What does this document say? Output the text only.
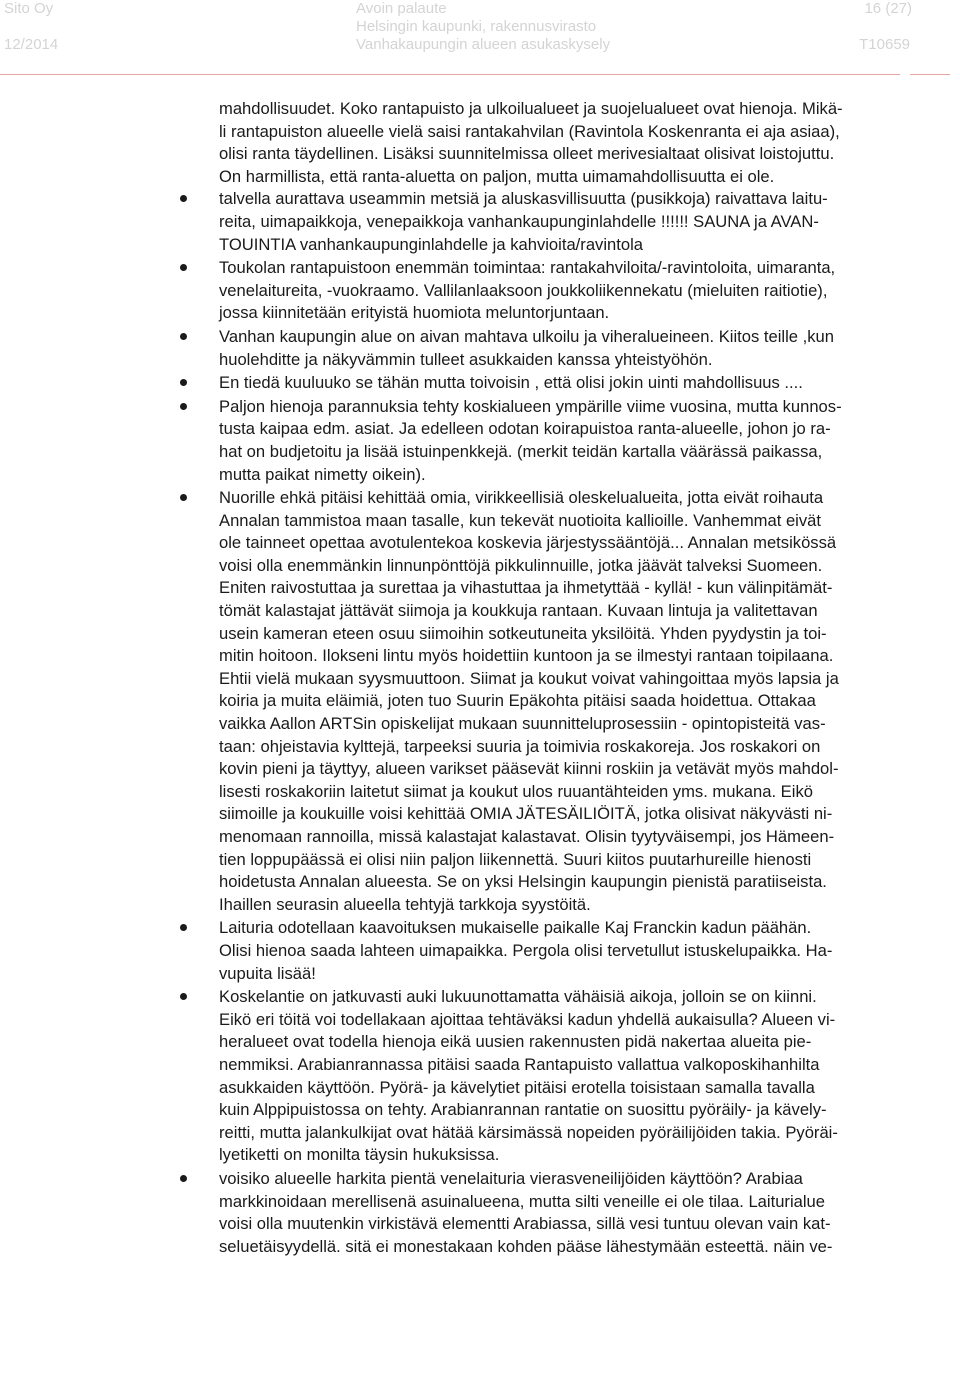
Sito Oy
12/2014
Avoin palaute
Helsingin kaupunki, rakennusvirasto
Vanhakaupungin alueen asukaskysely
16 (27)
T10659
mahdollisuudet. Koko rantapuisto ja ulkoilualueet ja suojelualueet ovat hienoja. Mikä-
li rantapuiston alueelle vielä saisi rantakahvilan (Ravintola Koskenranta ei aja asiaa),
olisi ranta täydellinen. Lisäksi suunnitelmissa olleet merivesialtaat olisivat loistojuttu.
On harmillista, että ranta-aluetta on paljon, mutta uimamahdollisuutta ei ole.
talvella aurattava useammin metsiä ja aluskasvillisuutta (pusikkoja) raivattava laitu-
reita, uimapaikkoja, venepaikkoja vanhankaupunginlahdelle !!!!!! SAUNA ja AVAN-
TOUINTIA vanhankaupunginlahdelle ja kahvioita/ravintola
Toukolan rantapuistoon enemmän toimintaa: rantakahviloita/-ravintoloita, uimaranta,
venelaitureita, -vuokraamo. Vallilanlaaksoon joukkoliikennekatu (mieluiten raitiotie),
jossa kiinnitetään erityistä huomiota meluntorjuntaan.
Vanhan kaupungin alue on aivan mahtava ulkoilu ja viheralueineen. Kiitos teille ,kun
huolehditte ja näkyvämmin tulleet asukkaiden kanssa yhteistyöhön.
En tiedä kuuluuko se tähän mutta toivoisin , että olisi jokin uinti mahdollisuus ....
Paljon hienoja parannuksia tehty koskialueen ympärille viime vuosina, mutta kunnos-
tusta kaipaa edm. asiat. Ja edelleen odotan koirapuistoa ranta-alueelle, johon jo ra-
hat on budjetoitu ja lisää istuinpenkkejä. (merkit teidän kartalla väärässä paikassa,
mutta paikat nimetty oikein).
Nuorille ehkä pitäisi kehittää omia, virikkeellisiä oleskelualueita, jotta eivät roihauta
Annalan tammistoa maan tasalle, kun tekevät nuotioita kallioille. Vanhemmat eivät
ole tainneet opettaa avotulentekoa koskevia järjestyssääntöjä... Annalan metsikössä
voisi olla enemmänkin linnunpönttöjä pikkulinnuille, jotka jäävät talveksi Suomeen.
Eniten raivostuttaa ja surettaa ja vihastuttaa ja ihmetyttää - kyllä! - kun välinpitämät-
tömät kalastajat jättävät siimoja ja koukkuja rantaan. Kuvaan lintuja ja valitettavan
usein kameran eteen osuu siimoihin sotkeutuneita yksilöitä. Yhden pyydystin ja toi-
mitin hoitoon. Ilokseni lintu myös hoidettiin kuntoon ja se ilmestyi rantaan toipilaana.
Ehtii vielä mukaan syysmuuttoon. Siimat ja koukut voivat vahingoittaa myös lapsia ja
koiria ja muita eläimiä, joten tuo Suurin Epäkohta pitäisi saada hoidettua. Ottakaa
vaikka Aallon ARTSin opiskelijat mukaan suunnitteluprosessiin - opintopisteitä vas-
taan: ohjeistavia kylttejä, tarpeeksi suuria ja toimivia roskakoreja. Jos roskakori on
kovin pieni ja täyttyy, alueen varikset pääsevät kiinni roskiin ja vetävät myös mahdol-
lisesti roskakoriin laitetut siimat ja koukut ulos ruuantähteiden yms. mukana. Eikö
siimoille ja koukuille voisi kehittää OMIA JÄTESÄILIÖITÄ, jotka olisivat näkyvästi ni-
menomaan rannoilla, missä kalastajat kalastavat. Olisin tyytyväisempi, jos Hämeen-
tien loppupäässä ei olisi niin paljon liikennettä. Suuri kiitos puutarhureille hienosti
hoidetusta Annalan alueesta. Se on yksi Helsingin kaupungin pienistä paratiiseista.
Ihaillen seurasin alueella tehtyjä tarkkoja syystöitä.
Laituria odotellaan kaavoituksen mukaiselle paikalle Kaj Franckin kadun päähän.
Olisi hienoa saada lahteen uimapaikka. Pergola olisi tervetullut istuskelupaikka. Ha-
vupuita lisää!
Koskelantie on jatkuvasti auki lukuunottamatta vähäisiä aikoja, jolloin se on kiinni.
Eikö eri töitä voi todellakaan ajoittaa tehtäväksi kadun yhdellä aukaisulla? Alueen vi-
heralueet ovat todella hienoja eikä uusien rakennusten pidä nakertaa alueita pie-
nemmiksi. Arabianrannassa pitäisi saada Rantapuisto vallattua valkoposkihanhilta
asukkaiden käyttöön. Pyörä- ja kävelytiet pitäisi erotella toisistaan samalla tavalla
kuin Alppipuistossa on tehty. Arabianrannan rantatie on suosittu pyöräily- ja kävely-
reitti, mutta jalankulkijat ovat hätää kärsimässä nopeiden pyöräilijöiden takia. Pyöräi-
lyetiketti on monilta täysin hukuksissa.
voisiko alueelle harkita pientä venelaituria vierasveneilijöiden käyttöön? Arabiaa
markkinoidaan merellisenä asuinalueena, mutta silti veneille ei ole tilaa. Laiturialue
voisi olla muutenkin virkistävä elementti Arabiassa, sillä vesi tuntuu olevan vain kat-
seluetäisyydellä. sitä ei monestakaan kohden pääse lähestymään esteettä. näin ve-
